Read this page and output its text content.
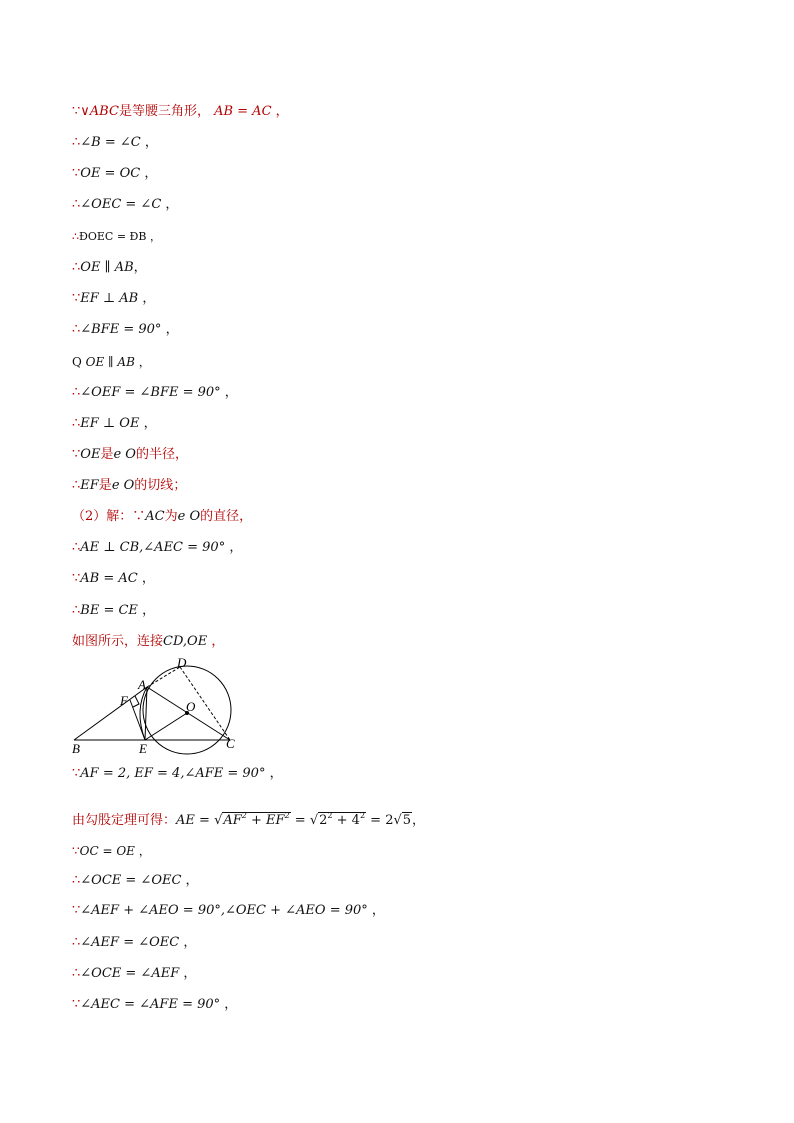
∵∨ABC是等腰三角形， AB = AC ，
∴∠B = ∠C ，
∵OE = OC ，
∴∠OEC = ∠C ，
∴ÐOEC = ÐB ，
∴OE ∥ AB，
∵EF ⊥ AB ，
∴∠BFE = 90° ，
Q OE ∥ AB ，
∴∠OEF = ∠BFE = 90° ，
∴EF ⊥ OE ，
∵OE是e O的半径，
∴EF是e O的切线；
（2）解：∵AC为e O的直径，
∴AE ⊥ CB,∠AEC = 90° ，
∵AB = AC ，
∴BE = CE ，
如图所示，连接CD,OE ，
D
A
F	O
B	E	C
∵AF = 2, EF = 4,∠AFE = 90° ，
由勾股定理可得：AE = $√AF^2 + EF^2 = √2^2 + 4^2 = 2√5$，
∵OC = OE ，
∴∠OCE = ∠OEC ，
∵∠AEF + ∠AEO = 90°,∠OEC + ∠AEO = 90° ，
∴∠AEF = ∠OEC ，
∴∠OCE = ∠AEF ，
∵∠AEC = ∠AFE = 90° ，
